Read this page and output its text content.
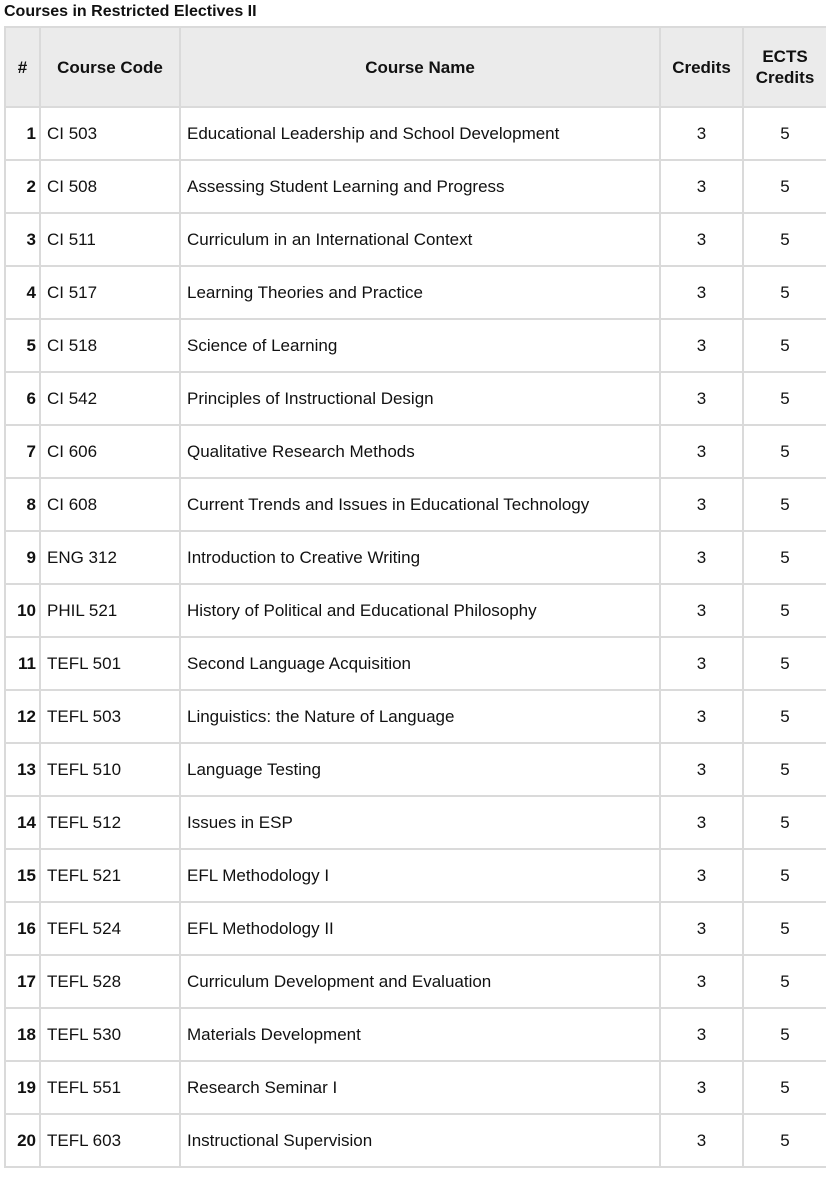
Courses in Restricted Electives II
#	Course Code	Course Name	Credits	ECTS Credits
1	CI 503	Educational Leadership and School Development	3	5
2	CI 508	Assessing Student Learning and Progress	3	5
3	CI 511	Curriculum in an International Context	3	5
4	CI 517	Learning Theories and Practice	3	5
5	CI 518	Science of Learning	3	5
6	CI 542	Principles of Instructional Design	3	5
7	CI 606	Qualitative Research Methods	3	5
8	CI 608	Current Trends and Issues in Educational Technology	3	5
9	ENG 312	Introduction to Creative Writing	3	5
10	PHIL 521	History of Political and Educational Philosophy	3	5
11	TEFL 501	Second Language Acquisition	3	5
12	TEFL 503	Linguistics: the Nature of Language	3	5
13	TEFL 510	Language Testing	3	5
14	TEFL 512	Issues in ESP	3	5
15	TEFL 521	EFL Methodology I	3	5
16	TEFL 524	EFL Methodology II	3	5
17	TEFL 528	Curriculum Development and Evaluation	3	5
18	TEFL 530	Materials Development	3	5
19	TEFL 551	Research Seminar I	3	5
20	TEFL 603	Instructional Supervision	3	5
